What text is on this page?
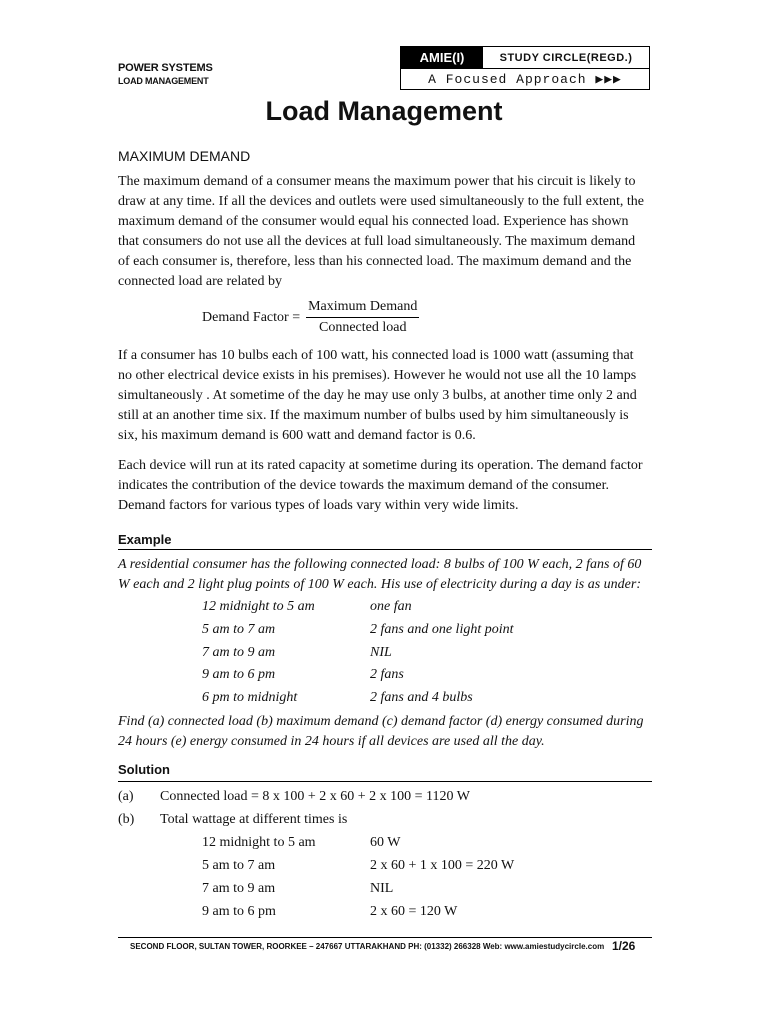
POWER SYSTEMS
LOAD MANAGEMENT
AMIE(I)	STUDY CIRCLE(REGD.)
A Focused Approach ▶▶▶
Load Management
MAXIMUM DEMAND
The maximum demand of a consumer means the maximum power that his circuit is likely to
draw at any time. If all the devices and outlets were used simultaneously to the full extent, the
maximum demand of the consumer would equal his connected load. Experience has shown
that consumers do not use all the devices at full load simultaneously. The maximum demand
of each consumer is, therefore, less than his connected load. The maximum demand and the
connected load are related by
Demand Factor = $\frac{\text{Maximum Demand}}{\text{Connected load}}$
If a consumer has 10 bulbs each of 100 watt, his connected load is 1000 watt (assuming that
no other electrical device exists in his premises). However he would not use all the 10 lamps
simultaneously . At sometime of the day he may use only 3 bulbs, at another time only 2 and
still at an another time six. If the maximum number of bulbs used by him simultaneously is
six, his maximum demand is 600 watt and demand factor is 0.6.
Each device will run at its rated capacity at sometime during its operation. The demand factor
indicates the contribution of the device towards the maximum demand of the consumer.
Demand factors for various types of loads vary within very wide limits.
Example
A residential consumer has the following connected load: 8 bulbs of 100 W each, 2 fans of 60
W each and 2 light plug points of 100 W each. His use of electricity during a day is as under:
12 midnight to 5 am	one fan
5 am to 7 am	2 fans and one light point
7 am to 9 am	NIL
9 am to 6 pm	2 fans
6 pm to midnight	2 fans and 4 bulbs
Find (a) connected load (b) maximum demand (c) demand factor (d) energy consumed during
24 hours (e) energy consumed in 24 hours if all devices are used all the day.
Solution
(a) Connected load = 8 x 100 + 2 x 60 + 2 x 100 = 1120 W
(b) Total wattage at different times is
12 midnight to 5 am	60 W
5 am to 7 am	2 x 60 + 1 x 100 = 220 W
7 am to 9 am	NIL
9 am to 6 pm	2 x 60 = 120 W
SECOND FLOOR, SULTAN TOWER, ROORKEE – 247667 UTTARAKHAND PH: (01332) 266328 Web: www.amiestudycircle.com 1/26
